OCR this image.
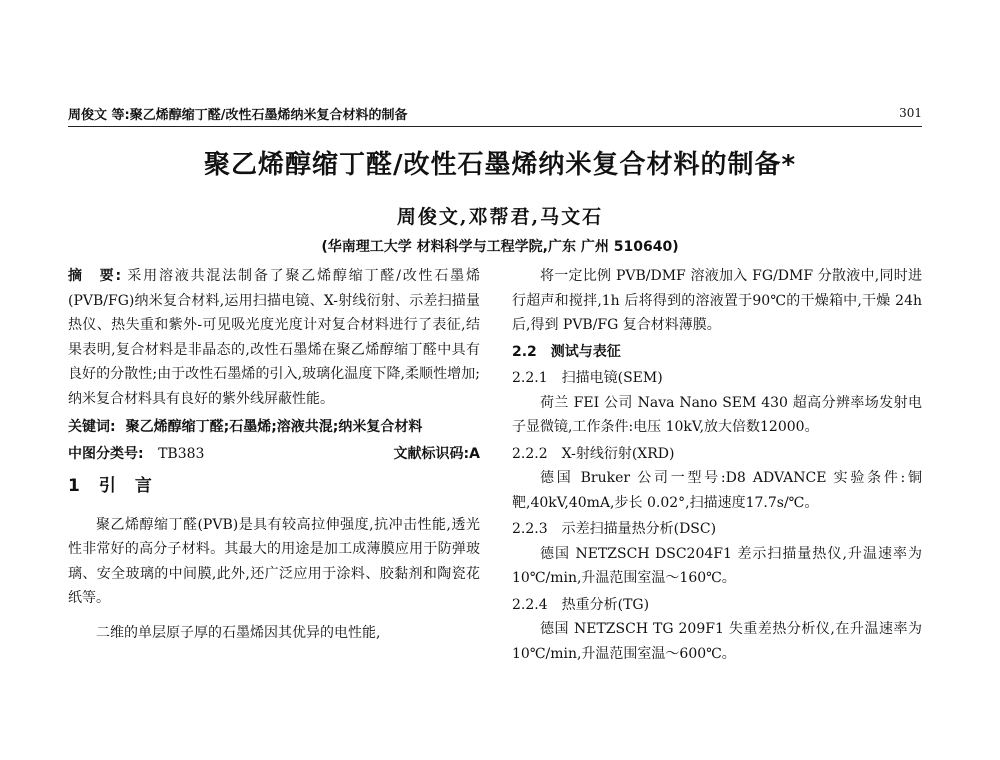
周俊文 等:聚乙烯醇缩丁醛/改性石墨烯纳米复合材料的制备	301
聚乙烯醇缩丁醛/改性石墨烯纳米复合材料的制备*
周俊文,邓帮君,马文石
(华南理工大学 材料科学与工程学院,广东 广州 510640)

摘　要: 采用溶液共混法制备了聚乙烯醇缩丁醛/改性石墨烯(PVB/FG)纳米复合材料,运用扫描电镜、X-射线衍射、示差扫描量热仪、热失重和紫外-可见吸光度光度计对复合材料进行了表征,结果表明,复合材料是非晶态的,改性石墨烯在聚乙烯醇缩丁醛中具有良好的分散性;由于改性石墨烯的引入,玻璃化温度下降,柔顺性增加;纳米复合材料具有良好的紫外线屏蔽性能。

关键词: 聚乙烯醇缩丁醛;石墨烯;溶液共混;纳米复合材料
中图分类号: TB383	文献标识码:A
1　引　言

聚乙烯醇缩丁醛(PVB)是具有较高拉伸强度,抗冲击性能,透光性非常好的高分子材料。其最大的用途是加工成薄膜应用于防弹玻璃、安全玻璃的中间膜,此外,还广泛应用于涂料、胶黏剂和陶瓷花纸等。

二维的单层原子厚的石墨烯因其优异的电性能,

将一定比例 PVB/DMF 溶液加入 FG/DMF 分散液中,同时进行超声和搅拌,1h 后将得到的溶液置于90℃的干燥箱中,干燥 24h 后,得到 PVB/FG 复合材料薄膜。

2.2　测试与表征
2.2.1　扫描电镜(SEM)

荷兰 FEI 公司 Nava Nano SEM 430 超高分辨率场发射电子显微镜,工作条件:电压 10kV,放大倍数12000。

2.2.2　X-射线衍射(XRD)

德国 Bruker 公司一型号:D8 ADVANCE 实验条件:铜靶,40kV,40mA,步长 0.02°,扫描速度17.7s/℃。

2.2.3　示差扫描量热分析(DSC)

德国 NETZSCH DSC204F1 差示扫描量热仪,升温速率为 10℃/min,升温范围室温～160℃。

2.2.4　热重分析(TG)

德国 NETZSCH TG 209F1 失重差热分析仪,在升温速率为 10℃/min,升温范围室温～600℃。
